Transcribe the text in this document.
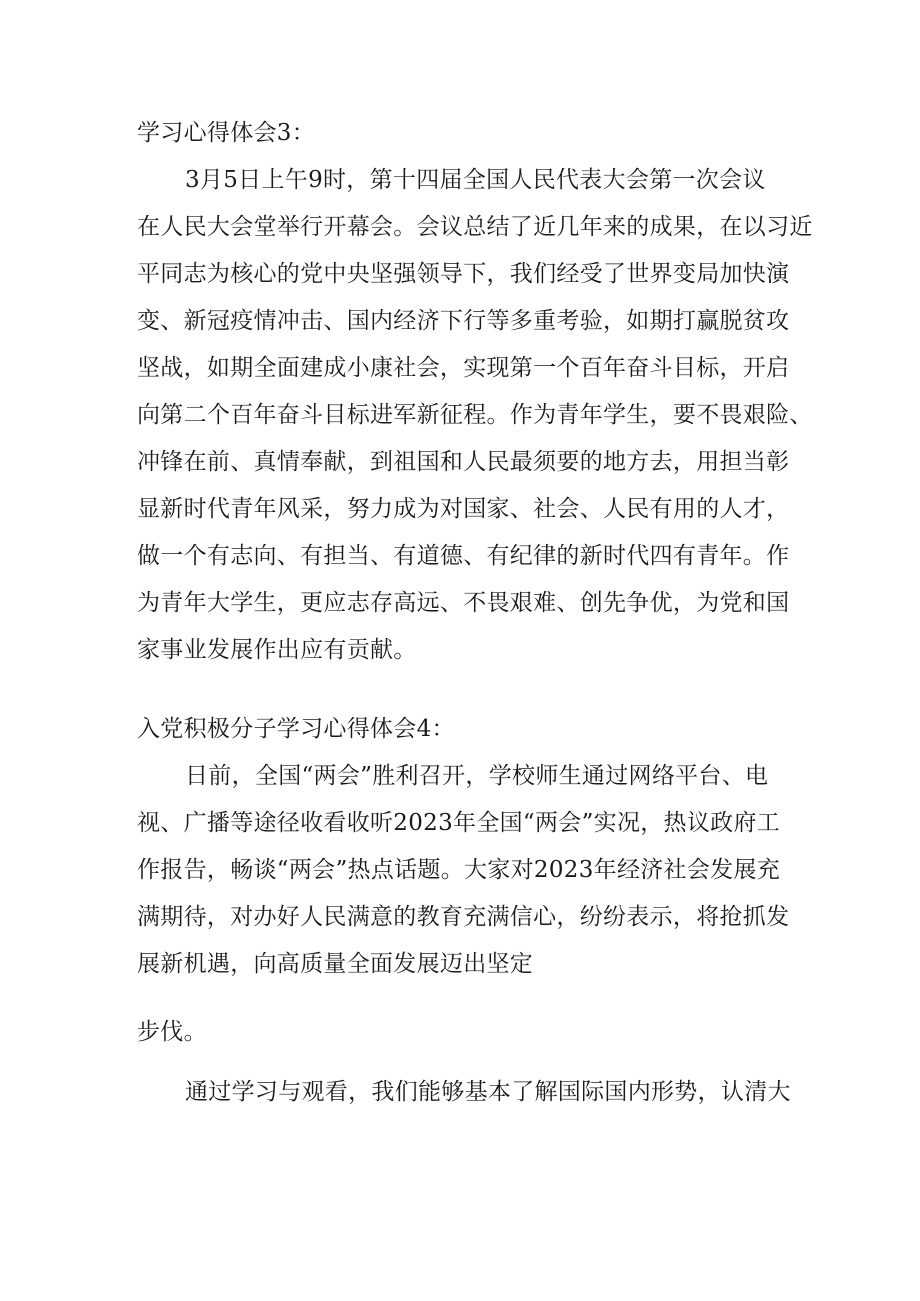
学习心得体会3：
3月5日上午9时，第十四届全国人民代表大会第一次会议
在人民大会堂举行开幕会。会议总结了近几年来的成果，在以习近
平同志为核心的党中央坚强领导下，我们经受了世界变局加快演
变、新冠疫情冲击、国内经济下行等多重考验，如期打赢脱贫攻
坚战，如期全面建成小康社会，实现第一个百年奋斗目标，开启
向第二个百年奋斗目标进军新征程。作为青年学生，要不畏艰险、
冲锋在前、真情奉献，到祖国和人民最须要的地方去，用担当彰
显新时代青年风采，努力成为对国家、社会、人民有用的人才，
做一个有志向、有担当、有道德、有纪律的新时代四有青年。作
为青年大学生，更应志存高远、不畏艰难、创先争优，为党和国
家事业发展作出应有贡献。
入党积极分子学习心得体会4：
日前，全国“两会”胜利召开，学校师生通过网络平台、电
视、广播等途径收看收听2023年全国“两会”实况，热议政府工
作报告，畅谈“两会”热点话题。大家对2023年经济社会发展充
满期待，对办好人民满意的教育充满信心，纷纷表示，将抢抓发
展新机遇，向高质量全面发展迈出坚定
步伐。
通过学习与观看，我们能够基本了解国际国内形势，认清大
